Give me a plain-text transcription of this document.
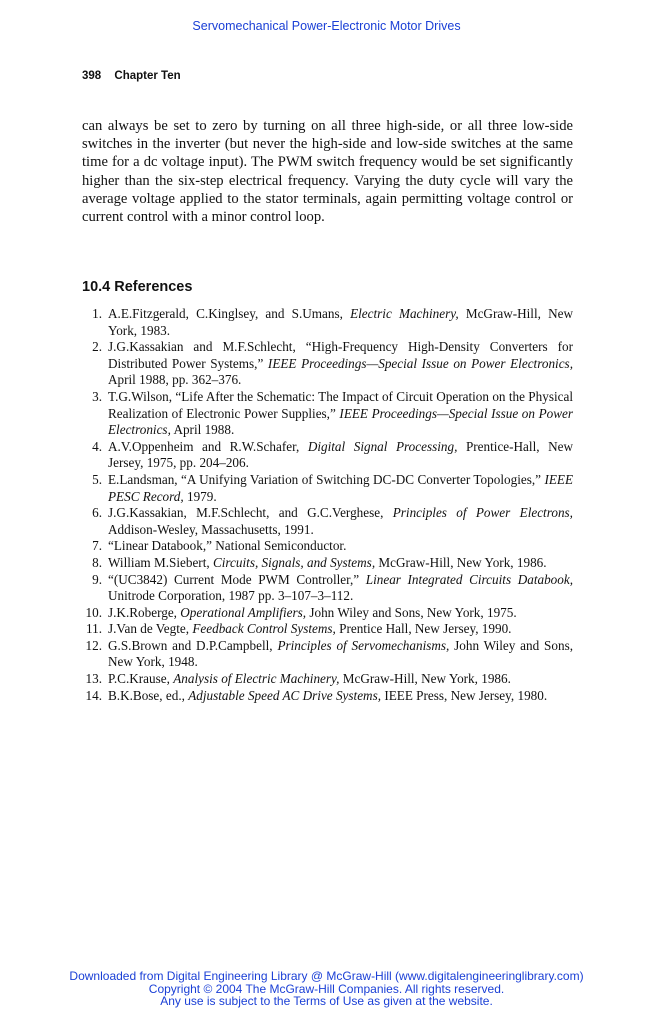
Servomechanical Power-Electronic Motor Drives
398 Chapter Ten

can always be set to zero by turning on all three high-side, or all three low-side switches in the inverter (but never the high-side and low-side switches at the same time for a dc voltage input). The PWM switch frequency would be set significantly higher than the six-step electrical frequency. Varying the duty cycle will vary the average voltage applied to the stator terminals, again permitting voltage control or current control with a minor control loop.

10.4 References
1. A.E.Fitzgerald, C.Kinglsey, and S.Umans, Electric Machinery, McGraw-Hill, New York, 1983.
2. J.G.Kassakian and M.F.Schlecht, “High-Frequency High-Density Converters for Distributed Power Systems,” IEEE Proceedings—Special Issue on Power Electronics, April 1988, pp. 362–376.
3. T.G.Wilson, “Life After the Schematic: The Impact of Circuit Operation on the Physical Realization of Electronic Power Supplies,” IEEE Proceedings—Special Issue on Power Electronics, April 1988.
4. A.V.Oppenheim and R.W.Schafer, Digital Signal Processing, Prentice-Hall, New Jersey, 1975, pp. 204–206.
5. E.Landsman, “A Unifying Variation of Switching DC-DC Converter Topologies,” IEEE PESC Record, 1979.
6. J.G.Kassakian, M.F.Schlecht, and G.C.Verghese, Principles of Power Electrons, Addison-Wesley, Massachusetts, 1991.
7. “Linear Databook,” National Semiconductor.
8. William M.Siebert, Circuits, Signals, and Systems, McGraw-Hill, New York, 1986.
9. “(UC3842) Current Mode PWM Controller,” Linear Integrated Circuits Databook, Unitrode Corporation, 1987 pp. 3–107–3–112.
10. J.K.Roberge, Operational Amplifiers, John Wiley and Sons, New York, 1975.
11. J.Van de Vegte, Feedback Control Systems, Prentice Hall, New Jersey, 1990.
12. G.S.Brown and D.P.Campbell, Principles of Servomechanisms, John Wiley and Sons, New York, 1948.
13. P.C.Krause, Analysis of Electric Machinery, McGraw-Hill, New York, 1986.
14. B.K.Bose, ed., Adjustable Speed AC Drive Systems, IEEE Press, New Jersey, 1980.
Downloaded from Digital Engineering Library @ McGraw-Hill (www.digitalengineeringlibrary.com)
Copyright © 2004 The McGraw-Hill Companies. All rights reserved.
Any use is subject to the Terms of Use as given at the website.
